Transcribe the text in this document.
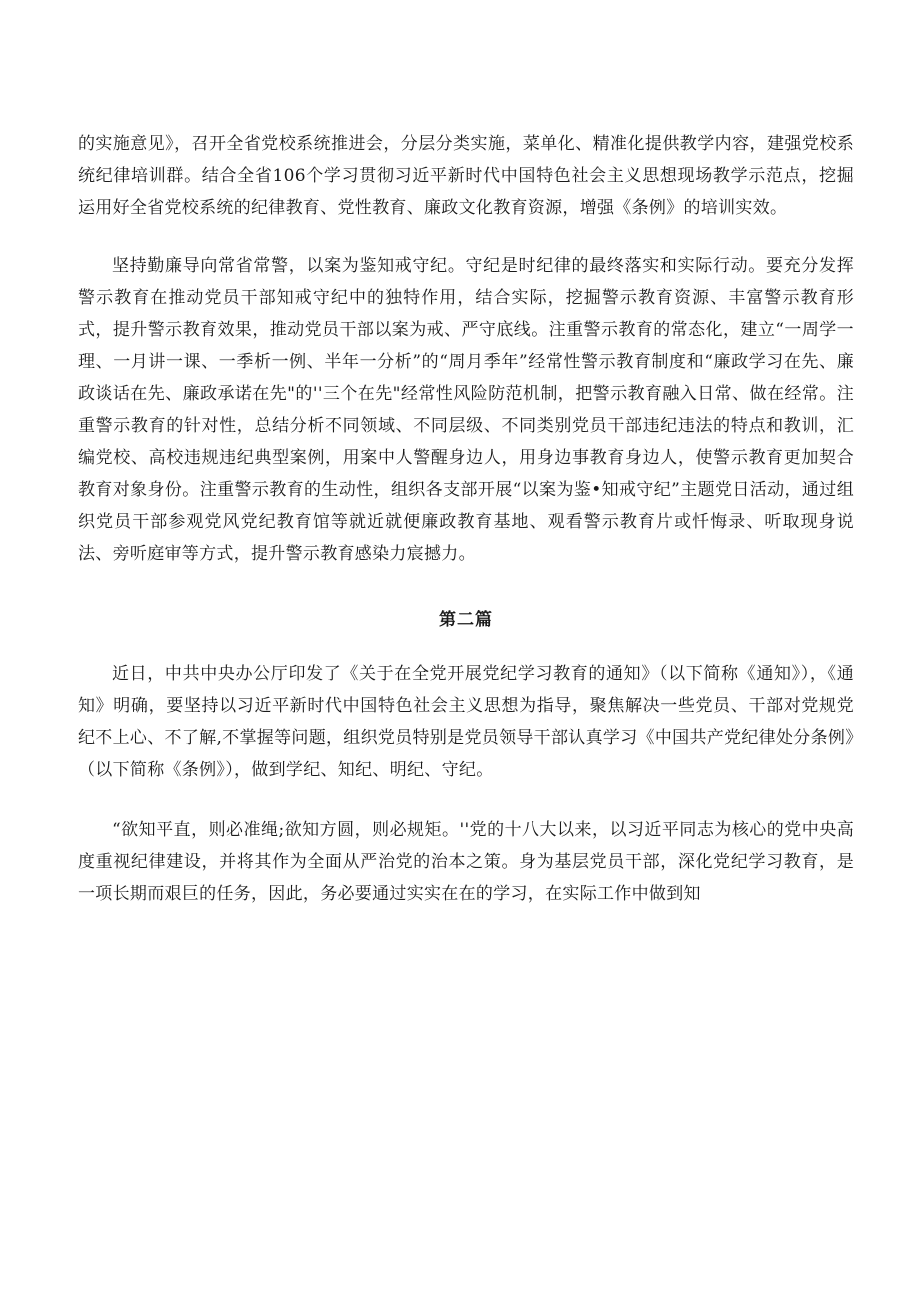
的实施意见》，召开全省党校系统推进会，分层分类实施，菜单化、精准化提供教学内容，建强党校系统纪律培训群。结合全省106个学习贯彻习近平新时代中国特色社会主义思想现场教学示范点，挖掘运用好全省党校系统的纪律教育、党性教育、廉政文化教育资源，增强《条例》的培训实效。

坚持勤廉导向常省常警，以案为鉴知戒守纪。守纪是时纪律的最终落实和实际行动。要充分发挥警示教育在推动党员干部知戒守纪中的独特作用，结合实际，挖掘警示教育资源、丰富警示教育形式，提升警示教育效果，推动党员干部以案为戒、严守底线。注重警示教育的常态化，建立“一周学一理、一月讲一课、一季析一例、半年一分析”的“周月季年”经常性警示教育制度和“廉政学习在先、廉政谈话在先、廉政承诺在先"的''三个在先"经常性风险防范机制，把警示教育融入日常、做在经常。注重警示教育的针对性，总结分析不同领域、不同层级、不同类别党员干部违纪违法的特点和教训，汇编党校、高校违规违纪典型案例，用案中人警醒身边人，用身边事教育身边人，使警示教育更加契合教育对象身份。注重警示教育的生动性，组织各支部开展“以案为鉴•知戒守纪”主题党日活动，通过组织党员干部参观党风党纪教育馆等就近就便廉政教育基地、观看警示教育片或忏悔录、听取现身说法、旁听庭审等方式，提升警示教育感染力宸撼力。

第二篇

近日，中共中央办公厅印发了《关于在全党开展党纪学习教育的通知》（以下简称《通知》），《通知》明确，要坚持以习近平新时代中国特色社会主义思想为指导，聚焦解决一些党员、干部对党规党纪不上心、不了解,不掌握等问题，组织党员特别是党员领导干部认真学习《中国共产党纪律处分条例》（以下简称《条例》），做到学纪、知纪、明纪、守纪。

“欲知平直，则必准绳;欲知方圆，则必规矩。''党的十八大以来，以习近平同志为核心的党中央高度重视纪律建设，并将其作为全面从严治党的治本之策。身为基层党员干部，深化党纪学习教育，是一项长期而艰巨的任务，因此，务必要通过实实在在的学习，在实际工作中做到知
